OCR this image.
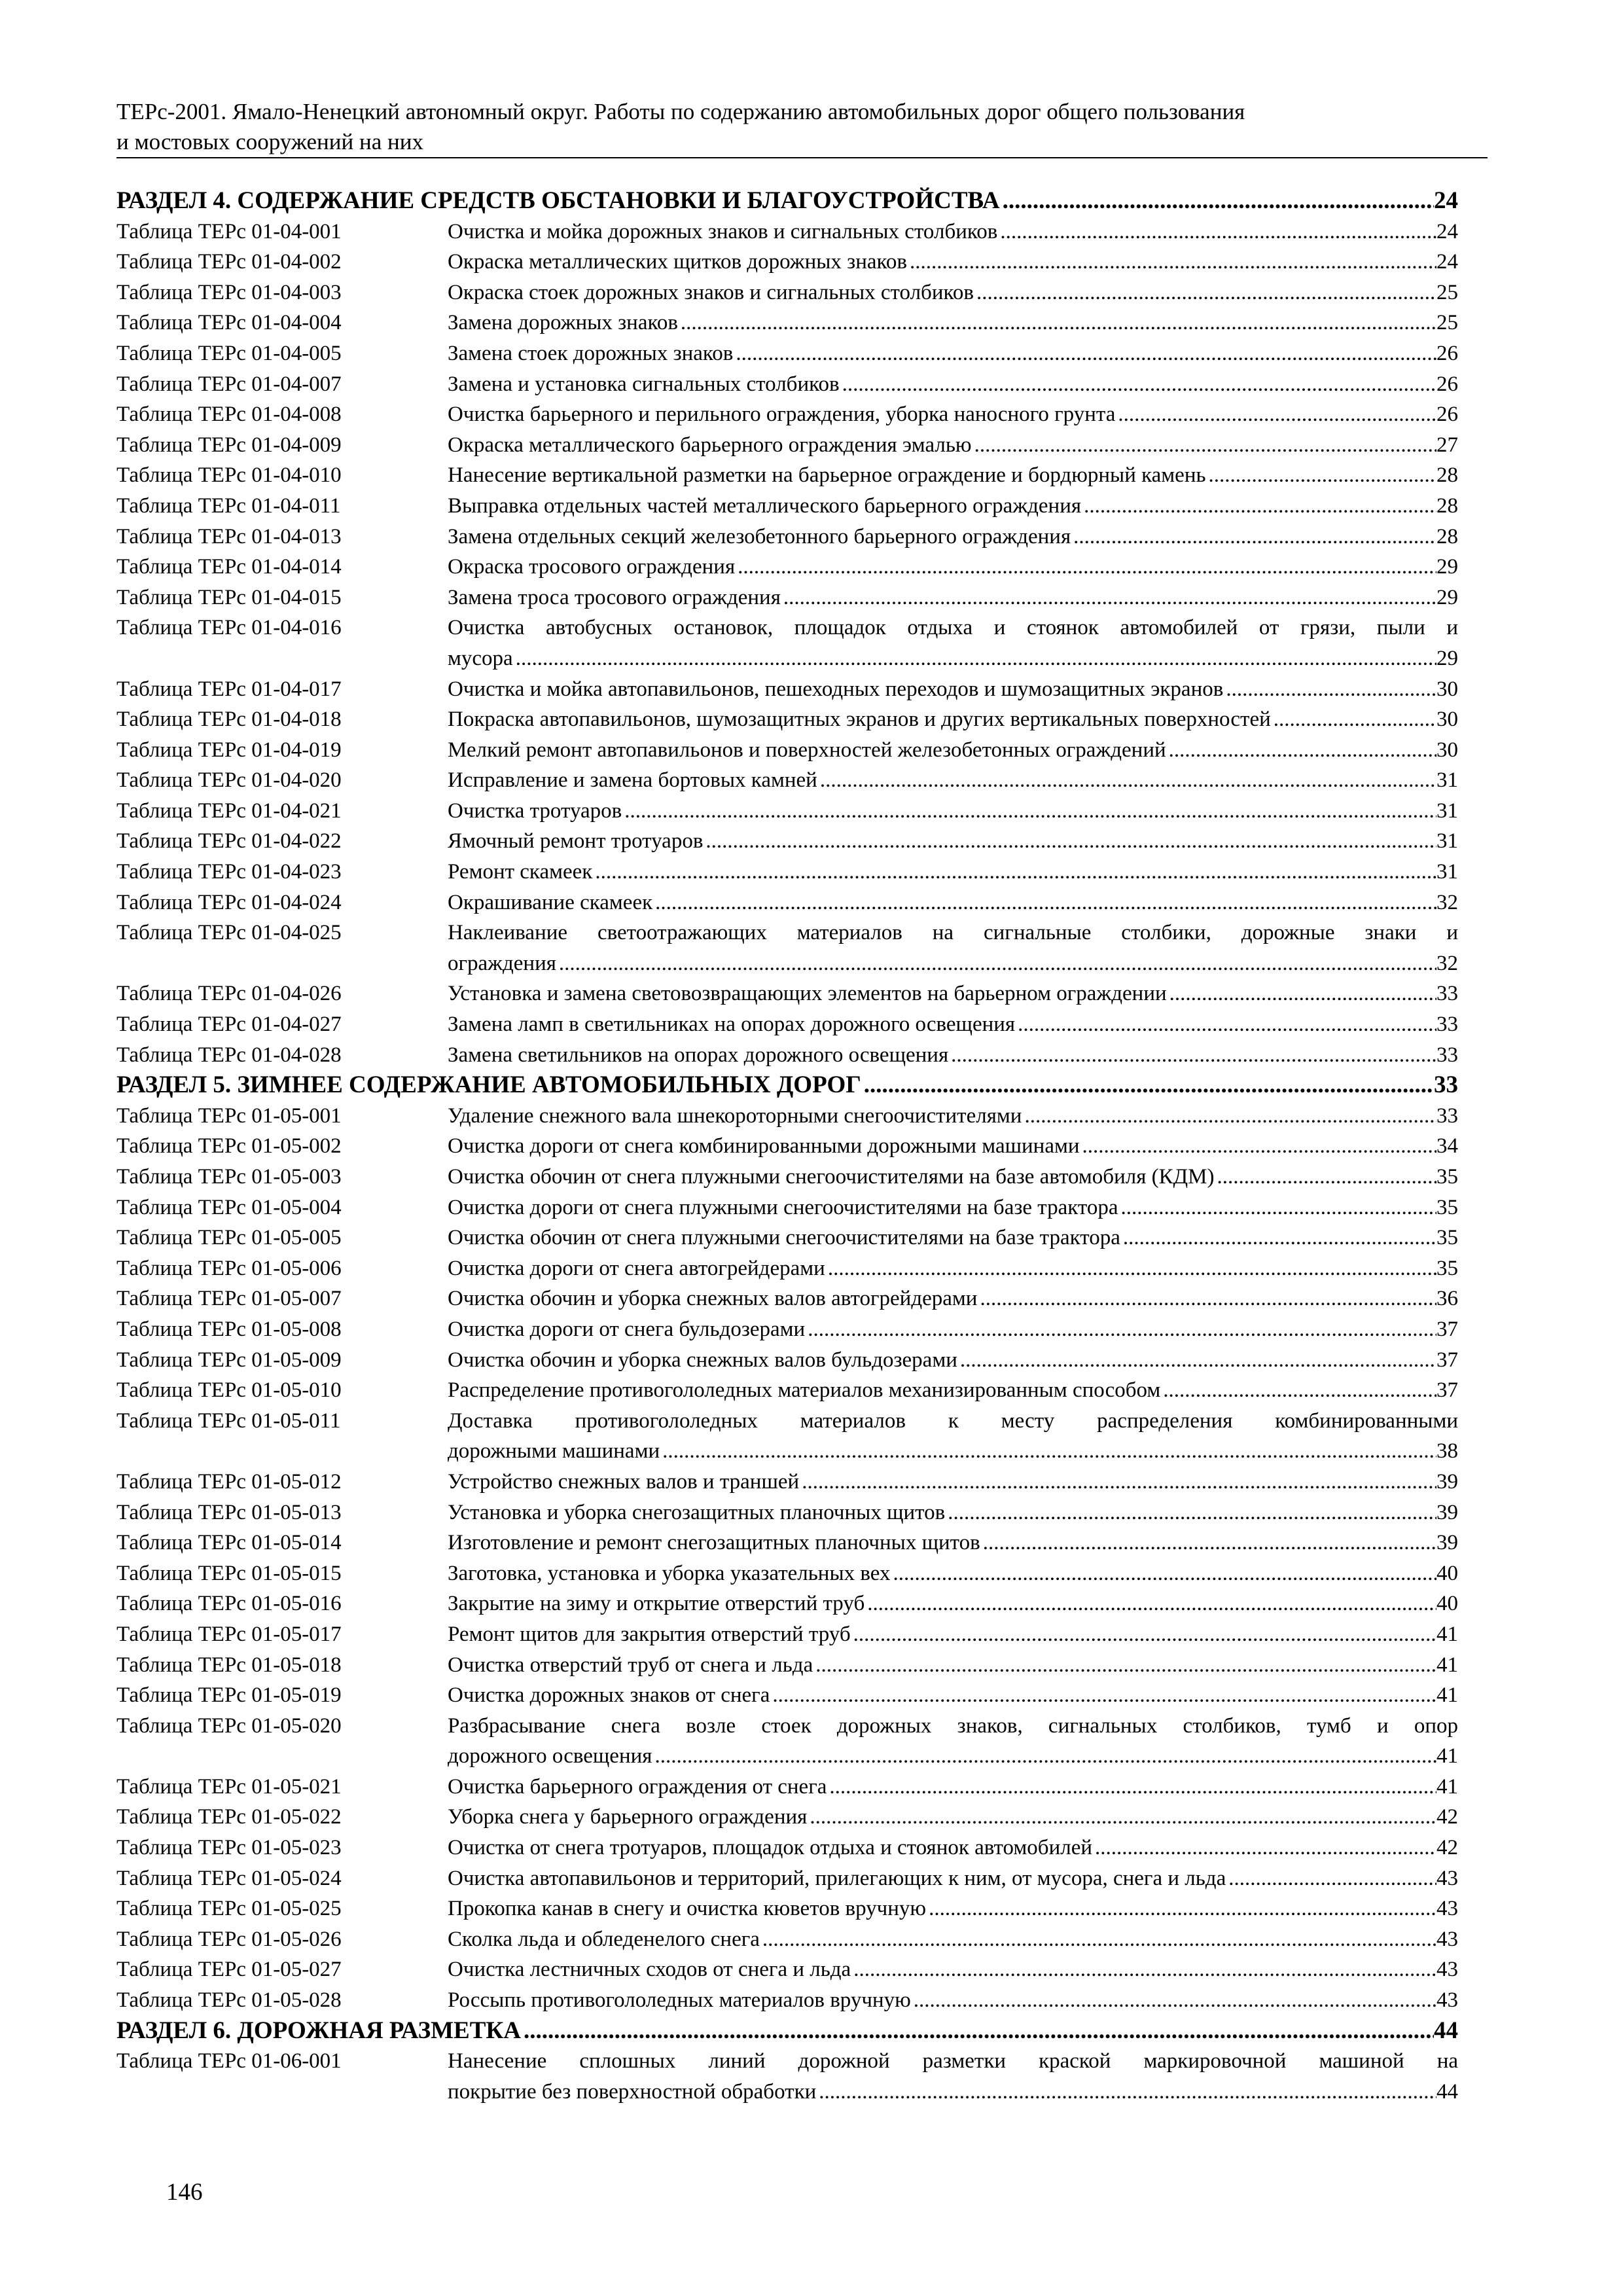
ТЕРс-2001. Ямало-Ненецкий автономный округ. Работы по содержанию автомобильных дорог общего пользования
и мостовых сооружений на них
РАЗДЕЛ 4. СОДЕРЖАНИЕ СРЕДСТВ ОБСТАНОВКИ И БЛАГОУСТРОЙСТВА .....	24
Таблица ТЕРс 01-04-001	Очистка и мойка дорожных знаков и сигнальных столбиков .....	24
Таблица ТЕРс 01-04-002	Окраска металлических щитков дорожных знаков .....	24
Таблица ТЕРс 01-04-003	Окраска стоек дорожных знаков и сигнальных столбиков .....	25
Таблица ТЕРс 01-04-004	Замена дорожных знаков .....	25
Таблица ТЕРс 01-04-005	Замена стоек дорожных знаков .....	26
Таблица ТЕРс 01-04-007	Замена и установка сигнальных столбиков .....	26
Таблица ТЕРс 01-04-008	Очистка барьерного и перильного ограждения, уборка наносного грунта .....	26
Таблица ТЕРс 01-04-009	Окраска металлического барьерного ограждения эмалью .....	27
Таблица ТЕРс 01-04-010	Нанесение вертикальной разметки на барьерное ограждение и бордюрный камень .....	28
Таблица ТЕРс 01-04-011	Выправка отдельных частей металлического барьерного ограждения .....	28
Таблица ТЕРс 01-04-013	Замена отдельных секций железобетонного барьерного ограждения .....	28
Таблица ТЕРс 01-04-014	Окраска тросового ограждения .....	29
Таблица ТЕРс 01-04-015	Замена троса тросового ограждения .....	29
Таблица ТЕРс 01-04-016	Очистка автобусных остановок, площадок отдыха и стоянок автомобилей от грязи, пыли и
мусора .....	29
Таблица ТЕРс 01-04-017	Очистка и мойка автопавильонов, пешеходных переходов и шумозащитных экранов .....	30
Таблица ТЕРс 01-04-018	Покраска автопавильонов, шумозащитных экранов и других вертикальных поверхностей .....	30
Таблица ТЕРс 01-04-019	Мелкий ремонт автопавильонов и поверхностей железобетонных ограждений .....	30
Таблица ТЕРс 01-04-020	Исправление и замена бортовых камней .....	31
Таблица ТЕРс 01-04-021	Очистка тротуаров .....	31
Таблица ТЕРс 01-04-022	Ямочный ремонт тротуаров .....	31
Таблица ТЕРс 01-04-023	Ремонт скамеек .....	31
Таблица ТЕРс 01-04-024	Окрашивание скамеек .....	32
Таблица ТЕРс 01-04-025	Наклеивание светоотражающих материалов на сигнальные столбики, дорожные знаки и
ограждения .....	32
Таблица ТЕРс 01-04-026	Установка и замена световозвращающих элементов на барьерном ограждении .....	33
Таблица ТЕРс 01-04-027	Замена ламп в светильниках на опорах дорожного освещения .....	33
Таблица ТЕРс 01-04-028	Замена светильников на опорах дорожного освещения .....	33
РАЗДЕЛ 5. ЗИМНЕЕ СОДЕРЖАНИЕ АВТОМОБИЛЬНЫХ ДОРОГ .....	33
Таблица ТЕРс 01-05-001	Удаление снежного вала шнекороторными снегоочистителями .....	33
Таблица ТЕРс 01-05-002	Очистка дороги от снега комбинированными дорожными машинами .....	34
Таблица ТЕРс 01-05-003	Очистка обочин от снега плужными снегоочистителями на базе автомобиля (КДМ) .....	35
Таблица ТЕРс 01-05-004	Очистка дороги от снега плужными снегоочистителями на базе трактора .....	35
Таблица ТЕРс 01-05-005	Очистка обочин от снега плужными снегоочистителями на базе трактора .....	35
Таблица ТЕРс 01-05-006	Очистка дороги от снега автогрейдерами .....	35
Таблица ТЕРс 01-05-007	Очистка обочин и уборка снежных валов автогрейдерами .....	36
Таблица ТЕРс 01-05-008	Очистка дороги от снега бульдозерами .....	37
Таблица ТЕРс 01-05-009	Очистка обочин и уборка снежных валов бульдозерами .....	37
Таблица ТЕРс 01-05-010	Распределение противогололедных материалов механизированным способом .....	37
Таблица ТЕРс 01-05-011	Доставка противогололедных материалов к месту распределения комбинированными
дорожными машинами .....	38
Таблица ТЕРс 01-05-012	Устройство снежных валов и траншей .....	39
Таблица ТЕРс 01-05-013	Установка и уборка снегозащитных планочных щитов .....	39
Таблица ТЕРс 01-05-014	Изготовление и ремонт снегозащитных планочных щитов .....	39
Таблица ТЕРс 01-05-015	Заготовка, установка и уборка указательных вех .....	40
Таблица ТЕРс 01-05-016	Закрытие на зиму и открытие отверстий труб .....	40
Таблица ТЕРс 01-05-017	Ремонт щитов для закрытия отверстий труб .....	41
Таблица ТЕРс 01-05-018	Очистка отверстий труб от снега и льда .....	41
Таблица ТЕРс 01-05-019	Очистка дорожных знаков от снега .....	41
Таблица ТЕРс 01-05-020	Разбрасывание снега возле стоек дорожных знаков, сигнальных столбиков, тумб и опор
дорожного освещения .....	41
Таблица ТЕРс 01-05-021	Очистка барьерного ограждения от снега .....	41
Таблица ТЕРс 01-05-022	Уборка снега у барьерного ограждения .....	42
Таблица ТЕРс 01-05-023	Очистка от снега тротуаров, площадок отдыха и стоянок автомобилей .....	42
Таблица ТЕРс 01-05-024	Очистка автопавильонов и территорий, прилегающих к ним, от мусора, снега и льда .....	43
Таблица ТЕРс 01-05-025	Прокопка канав в снегу и очистка кюветов вручную .....	43
Таблица ТЕРс 01-05-026	Сколка льда и обледенелого снега .....	43
Таблица ТЕРс 01-05-027	Очистка лестничных сходов от снега и льда .....	43
Таблица ТЕРс 01-05-028	Россыпь противогололедных материалов вручную .....	43
РАЗДЕЛ 6. ДОРОЖНАЯ РАЗМЕТКА .....	44
Таблица ТЕРс 01-06-001	Нанесение сплошных линий дорожной разметки краской маркировочной машиной на
покрытие без поверхностной обработки .....	44
146
